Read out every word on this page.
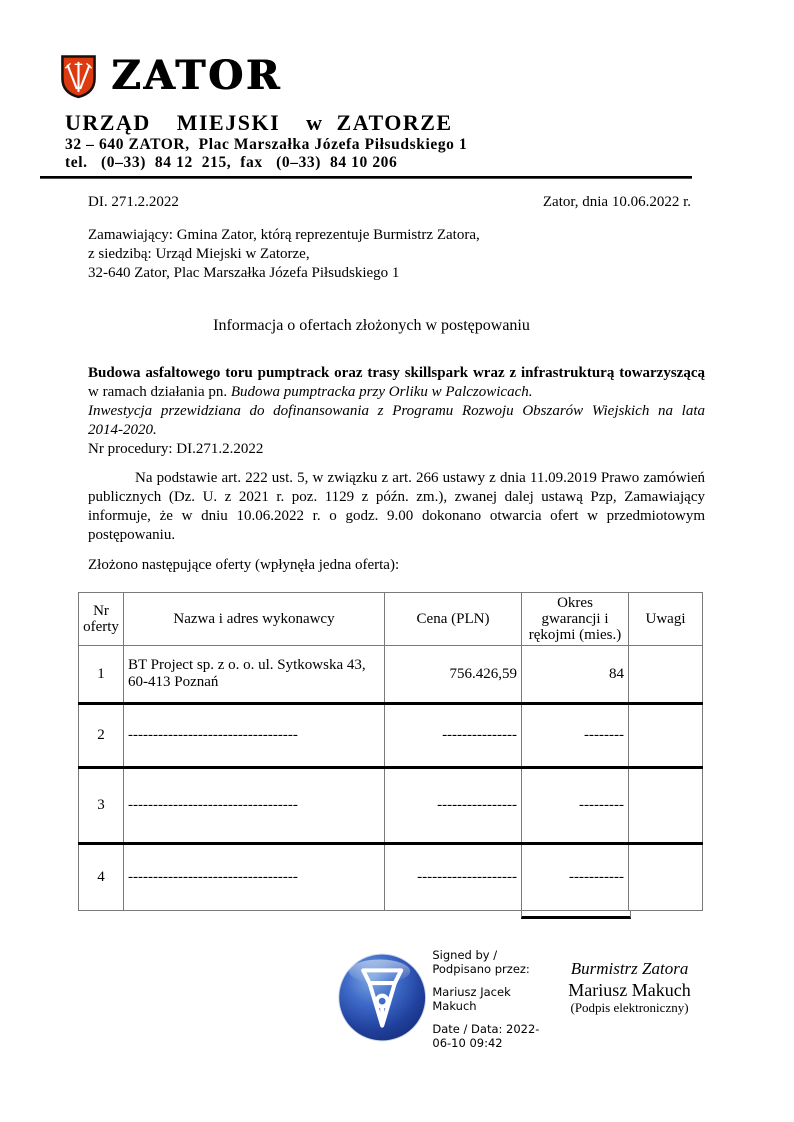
ZATOR
URZĄD  MIEJSKI  w ZATORZE
32 – 640 ZATOR,  Plac Marszałka Józefa Piłsudskiego 1
tel.   (0–33)  84 12  215,  fax   (0–33)  84 10 206
DI. 271.2.2022	Zator, dnia 10.06.2022 r.
Zamawiający: Gmina Zator, którą reprezentuje Burmistrz Zatora,
z siedzibą: Urząd Miejski w Zatorze,
32-640 Zator, Plac Marszałka Józefa Piłsudskiego 1
Informacja o ofertach złożonych w postępowaniu
Budowa asfaltowego toru pumptrack oraz trasy skillspark wraz z infrastrukturą towarzyszącą
w ramach działania pn. Budowa pumptracka przy Orliku w Palczowicach.
Inwestycja przewidziana do dofinansowania z Programu Rozwoju Obszarów Wiejskich na lata
2014-2020.
Nr procedury: DI.271.2.2022
Na podstawie art. 222 ust. 5, w związku z art. 266 ustawy z dnia 11.09.2019 Prawo zamówień
publicznych (Dz. U. z 2021 r. poz. 1129 z późn. zm.), zwanej dalej ustawą Pzp, Zamawiający
informuje, że w dniu 10.06.2022 r. o godz. 9.00 dokonano otwarcia ofert w przedmiotowym
postępowaniu.
Złożono następujące oferty (wpłynęła jedna oferta):
Nr oferty	Nazwa i adres wykonawcy	Cena (PLN)	Okres gwarancji i rękojmi (mies.)	Uwagi
1	BT Project sp. z o. o. ul. Sytkowska 43,
60-413 Poznań	756.426,59	84	
2	----------------------------------	---------------	--------	
3	----------------------------------	----------------	---------	
4	----------------------------------	--------------------	-----------	
Signed by /
Podpisano przez:
Mariusz Jacek
Makuch
Date / Data: 2022-
06-10 09:42
Burmistrz Zatora
Mariusz Makuch
(Podpis elektroniczny)
